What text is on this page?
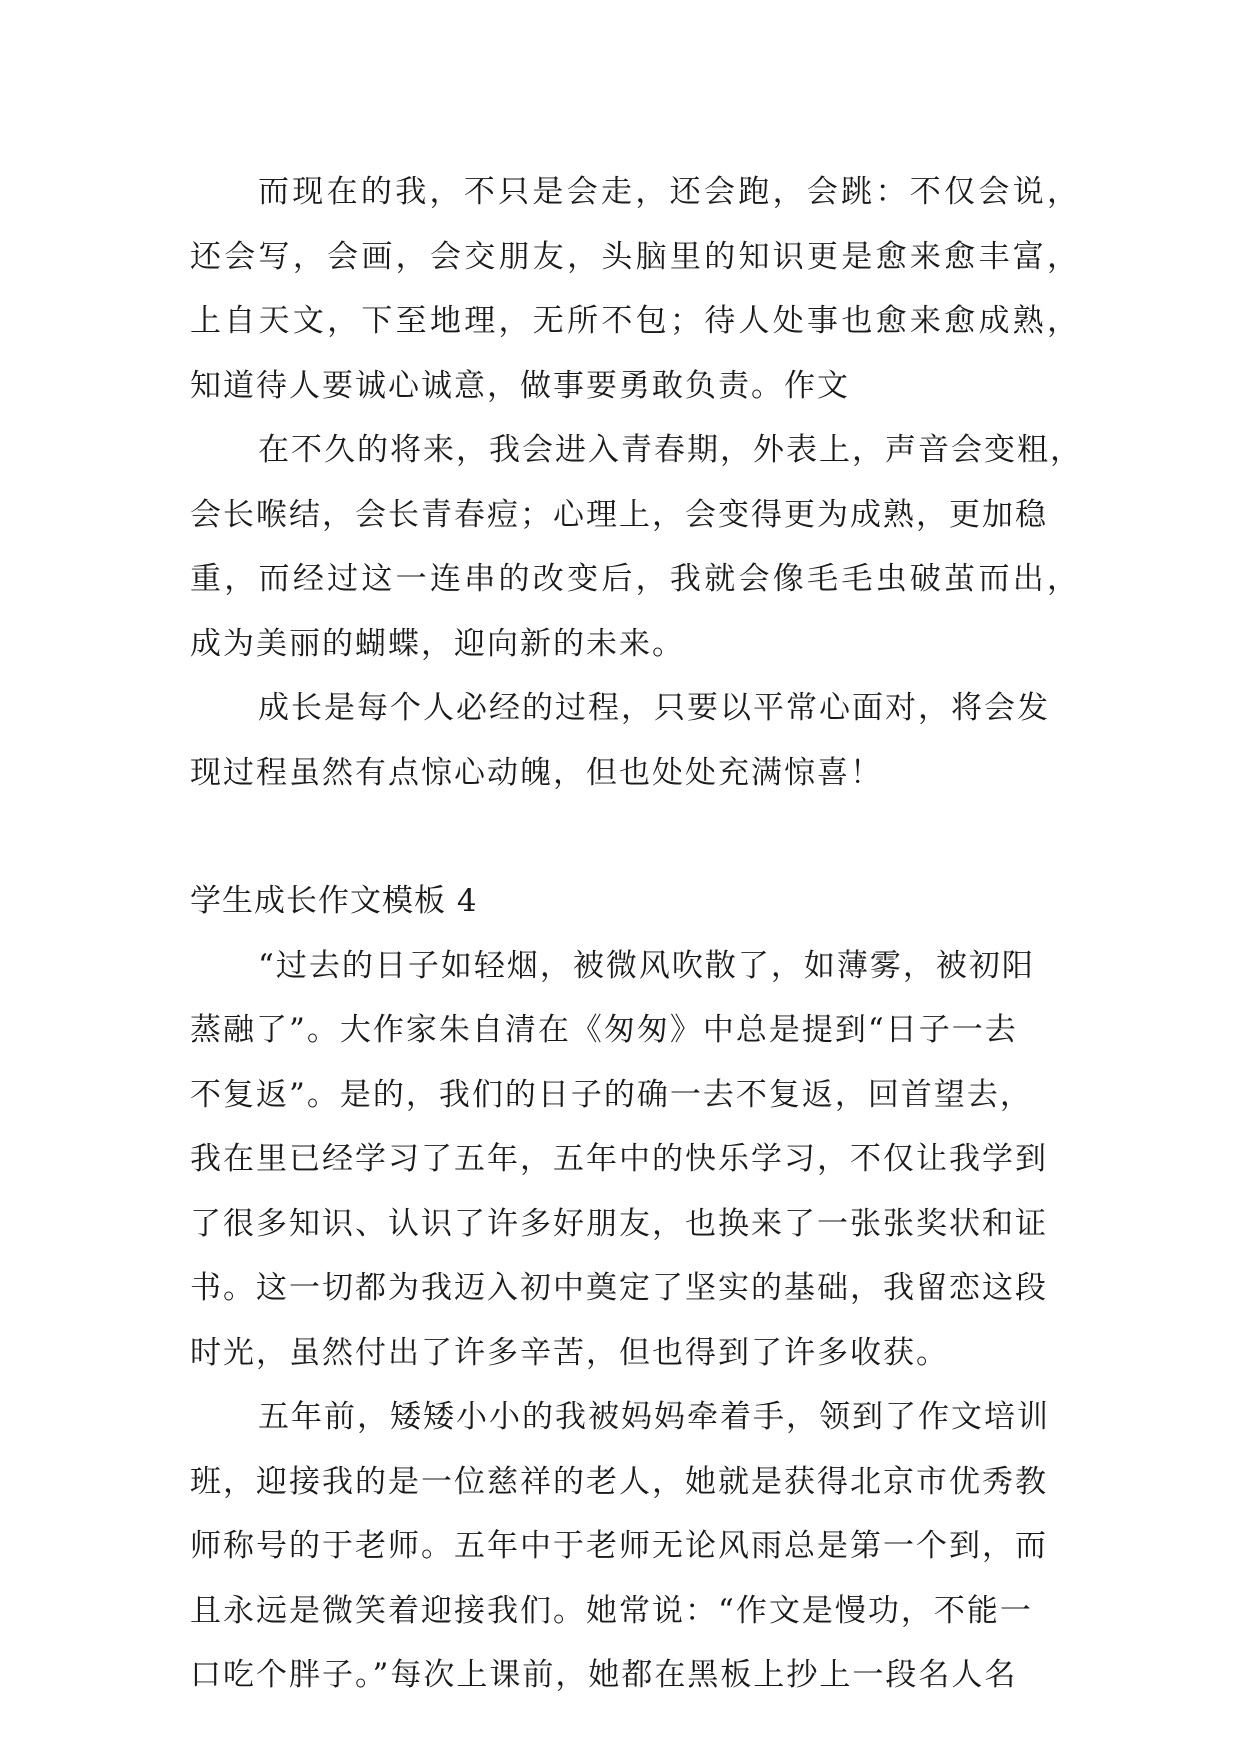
而现在的我，不只是会走，还会跑，会跳：不仅会说，
还会写，会画，会交朋友，头脑里的知识更是愈来愈丰富，
上自天文，下至地理，无所不包；待人处事也愈来愈成熟，
知道待人要诚心诚意，做事要勇敢负责。作文
在不久的将来，我会进入青春期，外表上，声音会变粗，
会长喉结，会长青春痘；心理上，会变得更为成熟，更加稳
重，而经过这一连串的改变后，我就会像毛毛虫破茧而出，
成为美丽的蝴蝶，迎向新的未来。
成长是每个人必经的过程，只要以平常心面对，将会发
现过程虽然有点惊心动魄，但也处处充满惊喜！
学生成长作文模板 4
“过去的日子如轻烟，被微风吹散了，如薄雾，被初阳
蒸融了”。大作家朱自清在《匆匆》中总是提到“日子一去
不复返”。是的，我们的日子的确一去不复返，回首望去，
我在里已经学习了五年，五年中的快乐学习，不仅让我学到
了很多知识、认识了许多好朋友，也换来了一张张奖状和证
书。这一切都为我迈入初中奠定了坚实的基础，我留恋这段
时光，虽然付出了许多辛苦，但也得到了许多收获。
五年前，矮矮小小的我被妈妈牵着手，领到了作文培训
班，迎接我的是一位慈祥的老人，她就是获得北京市优秀教
师称号的于老师。五年中于老师无论风雨总是第一个到，而
且永远是微笑着迎接我们。她常说：“作文是慢功，不能一
口吃个胖子。”每次上课前，她都在黑板上抄上一段名人名
